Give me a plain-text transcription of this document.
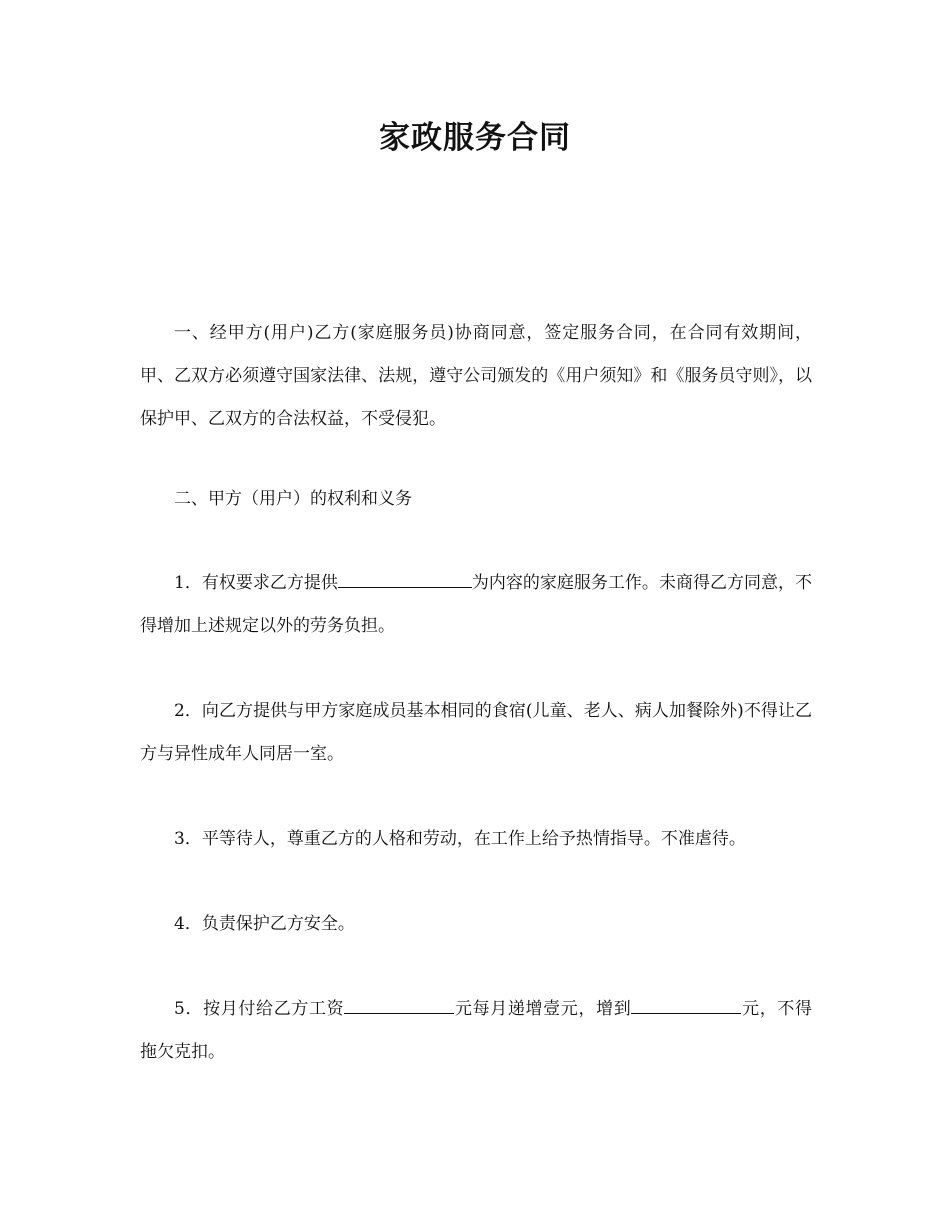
家政服务合同

一、经甲方(用户)乙方(家庭服务员)协商同意，签定服务合同，在合同有效期间，甲、乙双方必须遵守国家法律、法规，遵守公司颁发的《用户须知》和《服务员守则》，以保护甲、乙双方的合法权益，不受侵犯。

二、甲方（用户）的权利和义务

1．有权要求乙方提供	为内容的家庭服务工作。未商得乙方同意，不得增加上述规定以外的劳务负担。

2．向乙方提供与甲方家庭成员基本相同的食宿(儿童、老人、病人加餐除外)不得让乙方与异性成年人同居一室。

3．平等待人，尊重乙方的人格和劳动，在工作上给予热情指导。不准虐待。

4．负责保护乙方安全。

5．按月付给乙方工资	元每月递增壹元，增到	元，不得拖欠克扣。
